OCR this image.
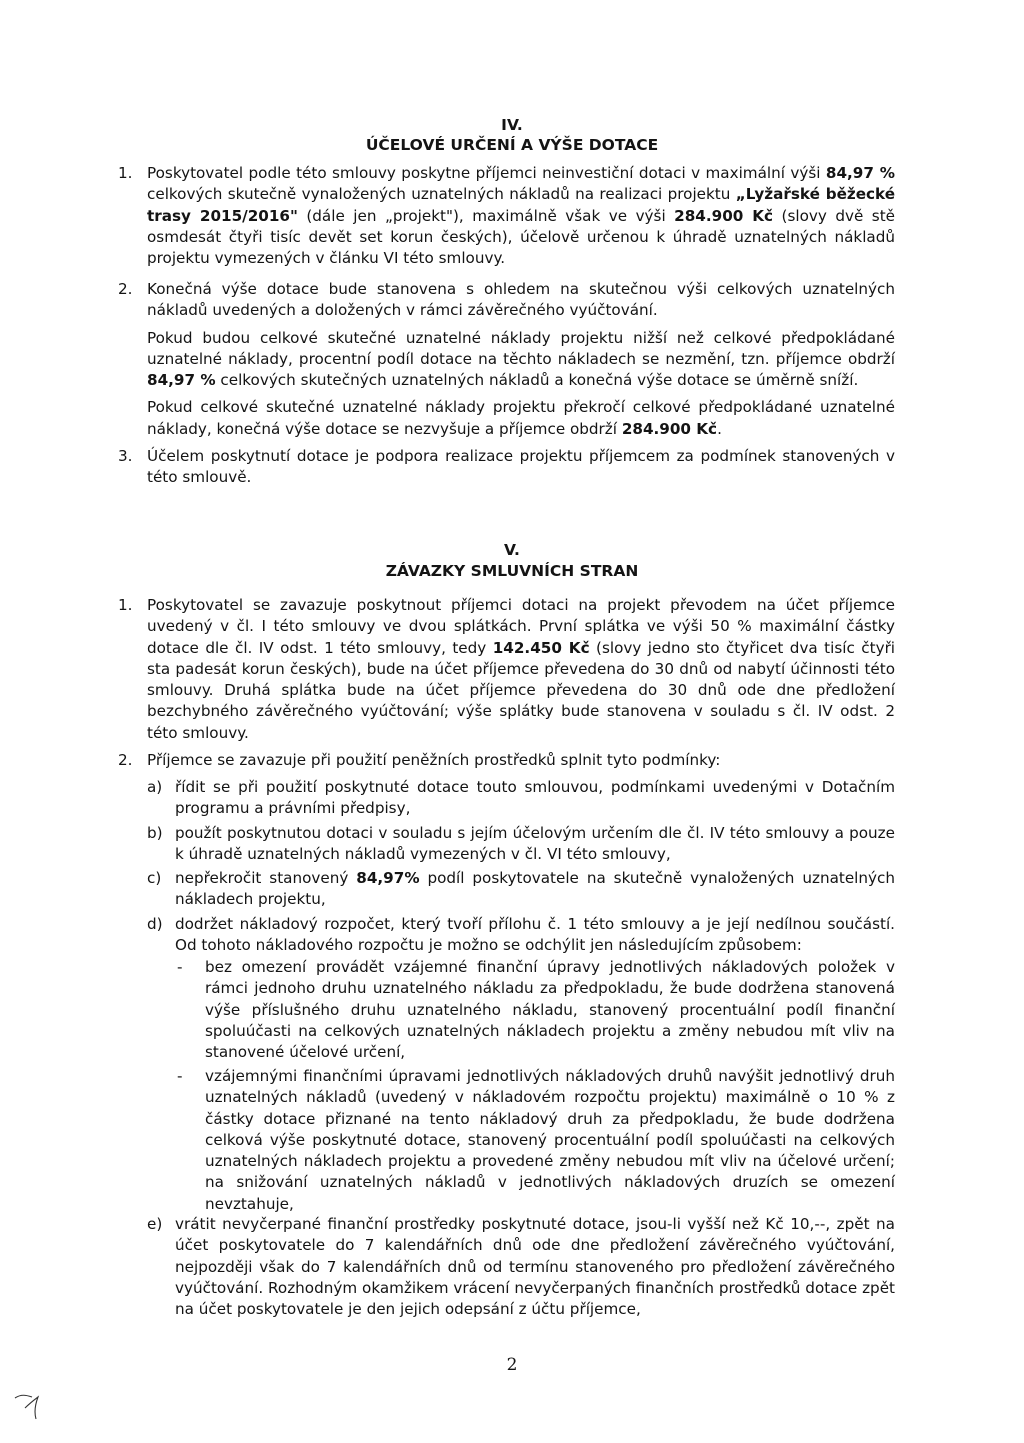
IV.
ÚČELOVÉ URČENÍ A VÝŠE DOTACE
1. Poskytovatel podle této smlouvy poskytne příjemci neinvestiční dotaci v maximální výši 84,97 % celkových skutečně vynaložených uznatelných nákladů na realizaci projektu „Lyžařské běžecké trasy 2015/2016" (dále jen „projekt"), maximálně však ve výši 284.900 Kč (slovy dvě stě osmdesát čtyři tisíc devět set korun českých), účelově určenou k úhradě uznatelných nákladů projektu vymezených v článku VI této smlouvy.
2. Konečná výše dotace bude stanovena s ohledem na skutečnou výši celkových uznatelných nákladů uvedených a doložených v rámci závěrečného vyúčtování.

Pokud budou celkové skutečné uznatelné náklady projektu nižší než celkové předpokládané uznatelné náklady, procentní podíl dotace na těchto nákladech se nezmění, tzn. příjemce obdrží 84,97 % celkových skutečných uznatelných nákladů a konečná výše dotace se úměrně sníží.

Pokud celkové skutečné uznatelné náklady projektu překročí celkové předpokládané uznatelné náklady, konečná výše dotace se nezvyšuje a příjemce obdrží 284.900 Kč.

3. Účelem poskytnutí dotace je podpora realizace projektu příjemcem za podmínek stanovených v této smlouvě.
V.
ZÁVAZKY SMLUVNÍCH STRAN
1. Poskytovatel se zavazuje poskytnout příjemci dotaci na projekt převodem na účet příjemce uvedený v čl. I této smlouvy ve dvou splátkách. První splátka ve výši 50 % maximální částky dotace dle čl. IV odst. 1 této smlouvy, tedy 142.450 Kč (slovy jedno sto čtyřicet dva tisíc čtyři sta padesát korun českých), bude na účet příjemce převedena do 30 dnů od nabytí účinnosti této smlouvy. Druhá splátka bude na účet příjemce převedena do 30 dnů ode dne předložení bezchybného závěrečného vyúčtování; výše splátky bude stanovena v souladu s čl. IV odst. 2 této smlouvy.
2. Příjemce se zavazuje při použití peněžních prostředků splnit tyto podmínky:
a) řídit se při použití poskytnuté dotace touto smlouvou, podmínkami uvedenými v Dotačním programu a právními předpisy,
b) použít poskytnutou dotaci v souladu s jejím účelovým určením dle čl. IV této smlouvy a pouze k úhradě uznatelných nákladů vymezených v čl. VI této smlouvy,
c) nepřekročit stanovený 84,97% podíl poskytovatele na skutečně vynaložených uznatelných nákladech projektu,
d) dodržet nákladový rozpočet, který tvoří přílohu č. 1 této smlouvy a je její nedílnou součástí. Od tohoto nákladového rozpočtu je možno se odchýlit jen následujícím způsobem:
- bez omezení provádět vzájemné finanční úpravy jednotlivých nákladových položek v rámci jednoho druhu uznatelného nákladu za předpokladu, že bude dodržena stanovená výše příslušného druhu uznatelného nákladu, stanovený procentuální podíl finanční spoluúčasti na celkových uznatelných nákladech projektu a změny nebudou mít vliv na stanovené účelové určení,
- vzájemnými finančními úpravami jednotlivých nákladových druhů navýšit jednotlivý druh uznatelných nákladů (uvedený v nákladovém rozpočtu projektu) maximálně o 10 % z částky dotace přiznané na tento nákladový druh za předpokladu, že bude dodržena celková výše poskytnuté dotace, stanovený procentuální podíl spoluúčasti na celkových uznatelných nákladech projektu a provedené změny nebudou mít vliv na účelové určení; na snižování uznatelných nákladů v jednotlivých nákladových druzích se omezení nevztahuje,
e) vrátit nevyčerpané finanční prostředky poskytnuté dotace, jsou-li vyšší než Kč 10,--, zpět na účet poskytovatele do 7 kalendářních dnů ode dne předložení závěrečného vyúčtování, nejpozději však do 7 kalendářních dnů od termínu stanoveného pro předložení závěrečného vyúčtování. Rozhodným okamžikem vrácení nevyčerpaných finančních prostředků dotace zpět na účet poskytovatele je den jejich odepsání z účtu příjemce,
2
